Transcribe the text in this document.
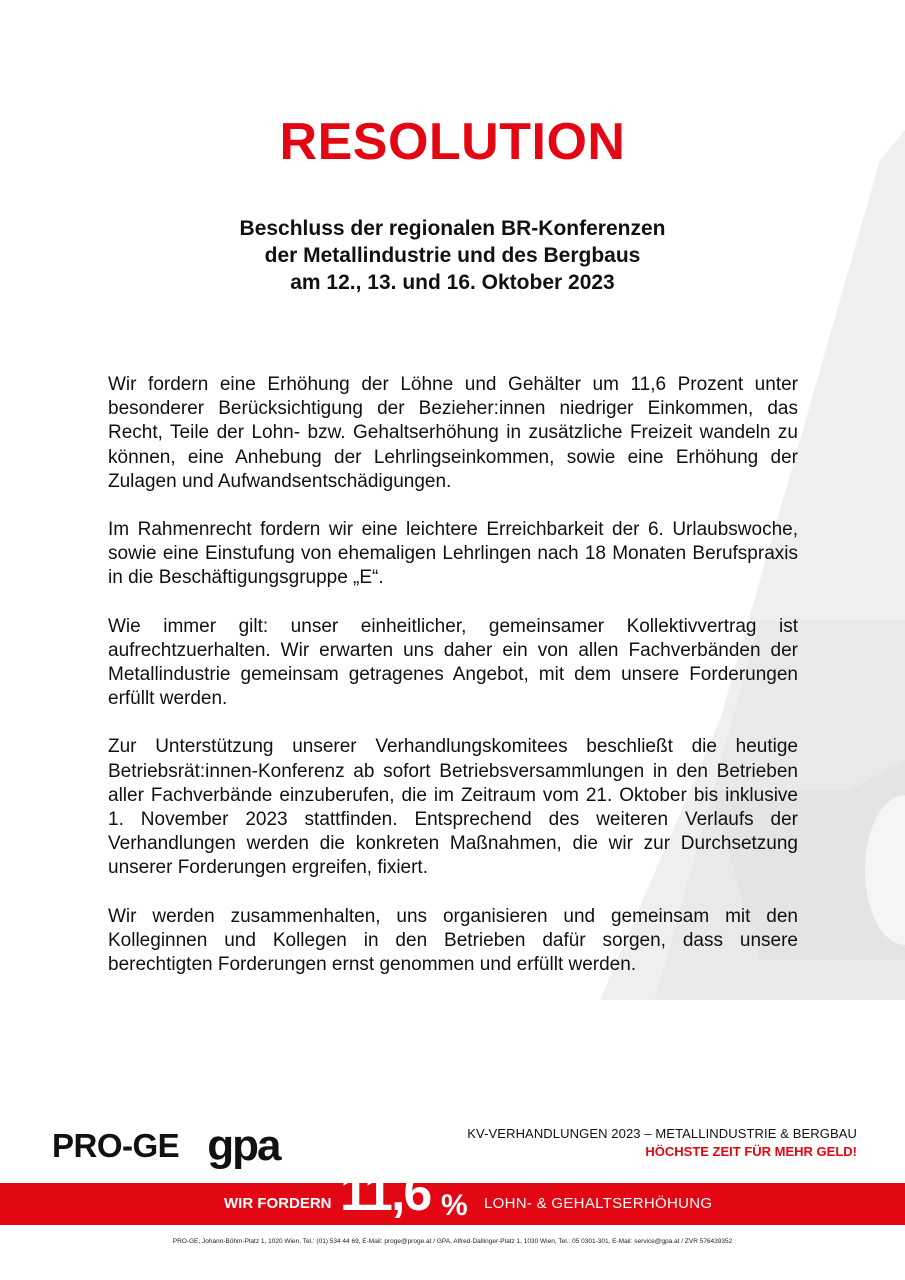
RESOLUTION
Beschluss der regionalen BR-Konferenzen
der Metallindustrie und des Bergbaus
am 12., 13. und 16. Oktober 2023

Wir fordern eine Erhöhung der Löhne und Gehälter um 11,6 Prozent unter besonderer Berücksichtigung der Bezieher:innen niedriger Einkommen, das Recht, Teile der Lohn- bzw. Gehaltserhöhung in zusätzliche Freizeit wandeln zu können, eine Anhebung der Lehrlingseinkommen, sowie eine Erhöhung der Zulagen und Aufwandsentschädigungen.

Im Rahmenrecht fordern wir eine leichtere Erreichbarkeit der 6. Urlaubswoche, sowie eine Einstufung von ehemaligen Lehrlingen nach 18 Monaten Berufspraxis in die Beschäftigungsgruppe „E“.

Wie immer gilt: unser einheitlicher, gemeinsamer Kollektivvertrag ist aufrechtzuerhalten. Wir erwarten uns daher ein von allen Fachverbänden der Metallindustrie gemeinsam getragenes Angebot, mit dem unsere Forderungen erfüllt werden.

Zur Unterstützung unserer Verhandlungskomitees beschließt die heutige Betriebsrät:innen-Konferenz ab sofort Betriebsversammlungen in den Betrieben aller Fachverbände einzuberufen, die im Zeitraum vom 21. Oktober bis inklusive 1. November 2023 stattfinden. Entsprechend des weiteren Verlaufs der Verhandlungen werden die konkreten Maßnahmen, die wir zur Durchsetzung unserer Forderungen ergreifen, fixiert.

Wir werden zusammenhalten, uns organisieren und gemeinsam mit den Kolleginnen und Kollegen in den Betrieben dafür sorgen, dass unsere berechtigten Forderungen ernst genommen und erfüllt werden.

PRO-GE gpa	KV-VERHANDLUNGEN 2023 – METALLINDUSTRIE & BERGBAU
HÖCHSTE ZEIT FÜR MEHR GELD!
WIR FORDERN 11,6 % LOHN- & GEHALTSERHÖHUNG
PRO-GE, Johann-Böhm-Platz 1, 1020 Wien, Tel.: (01) 534 44 69, E-Mail: proge@proge.at / GPA, Alfred-Dallinger-Platz 1, 1030 Wien, Tel.: 05 0301-301, E-Mail: service@gpa.at / ZVR 576439352
